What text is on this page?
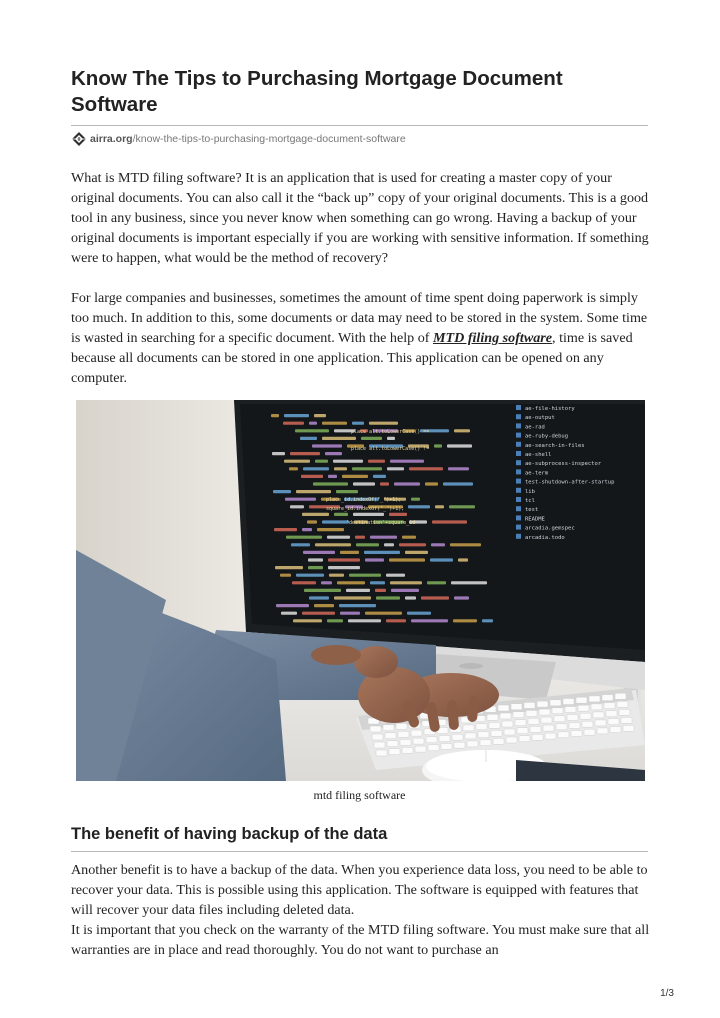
Know The Tips to Purchasing Mortgage Document Software
airra.org/know-the-tips-to-purchasing-mortgage-document-software

What is MTD filing software? It is an application that is used for creating a master copy of your original documents. You can also call it the “back up” copy of your original documents. This is a good tool in any business, since you never know when something can go wrong. Having a backup of your original documents is important especially if you are working with sensitive information. If something were to happen, what would be the method of recovery?

For large companies and businesses, sometimes the amount of time spent doing paperwork is simply too much. In addition to this, some documents or data may need to be stored in the system. Some time is wasted in searching for a specific document. With the help of MTD filing software, time is saved because all documents can be stored in one application. This application can be opened on any computer.

place alt.toLowerCase() ==
place alt.toLowerCase() !=
place_id.indexOf("_")+1);
square_id.indexOf("_")+1);
'destination'+square_id
ae-file-history
ae-output
ae-rad
ae-ruby-debug
ae-search-in-files
ae-shell
ae-subprocess-inspector
ae-term
test-shutdown-after-startup
lib
tcl
test
README
arcadia.gemspec
arcadia.todo
mtd filing software
The benefit of having backup of the data

Another benefit is to have a backup of the data. When you experience data loss, you need to be able to recover your data. This is possible using this application. The software is equipped with features that will recover your data files including deleted data.

It is important that you check on the warranty of the MTD filing software. You must make sure that all warranties are in place and read thoroughly. You do not want to purchase an

1/3
